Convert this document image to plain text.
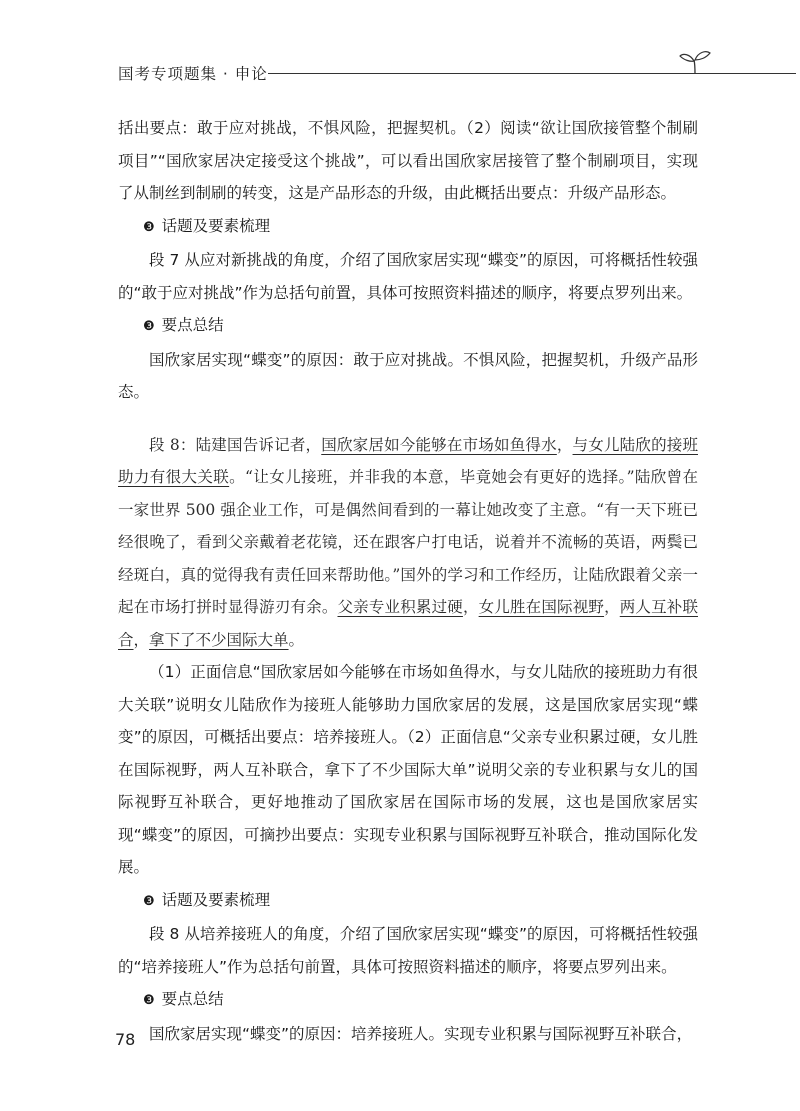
国考专项题集 · 申论

括出要点：敢于应对挑战，不惧风险，把握契机。（2）阅读“欲让国欣接管整个制刷项目”“国欣家居决定接受这个挑战”，可以看出国欣家居接管了整个制刷项目，实现了从制丝到制刷的转变，这是产品形态的升级，由此概括出要点：升级产品形态。

❸ 话题及要素梳理

段 7 从应对新挑战的角度，介绍了国欣家居实现“蝶变”的原因，可将概括性较强的“敢于应对挑战”作为总括句前置，具体可按照资料描述的顺序，将要点罗列出来。

❸ 要点总结

国欣家居实现“蝶变”的原因：敢于应对挑战。不惧风险，把握契机，升级产品形态。

段 8：陆建国告诉记者，国欣家居如今能够在市场如鱼得水，与女儿陆欣的接班助力有很大关联。“让女儿接班，并非我的本意，毕竟她会有更好的选择。”陆欣曾在一家世界 500 强企业工作，可是偶然间看到的一幕让她改变了主意。“有一天下班已经很晚了，看到父亲戴着老花镜，还在跟客户打电话，说着并不流畅的英语，两鬓已经斑白，真的觉得我有责任回来帮助他。”国外的学习和工作经历，让陆欣跟着父亲一起在市场打拼时显得游刃有余。父亲专业积累过硬，女儿胜在国际视野，两人互补联合，拿下了不少国际大单。

（1）正面信息“国欣家居如今能够在市场如鱼得水，与女儿陆欣的接班助力有很大关联”说明女儿陆欣作为接班人能够助力国欣家居的发展，这是国欣家居实现“蝶变”的原因，可概括出要点：培养接班人。（2）正面信息“父亲专业积累过硬，女儿胜在国际视野，两人互补联合，拿下了不少国际大单”说明父亲的专业积累与女儿的国际视野互补联合，更好地推动了国欣家居在国际市场的发展，这也是国欣家居实现“蝶变”的原因，可摘抄出要点：实现专业积累与国际视野互补联合，推动国际化发展。

❸ 话题及要素梳理

段 8 从培养接班人的角度，介绍了国欣家居实现“蝶变”的原因，可将概括性较强的“培养接班人”作为总括句前置，具体可按照资料描述的顺序，将要点罗列出来。

❸ 要点总结

国欣家居实现“蝶变”的原因：培养接班人。实现专业积累与国际视野互补联合，

78
